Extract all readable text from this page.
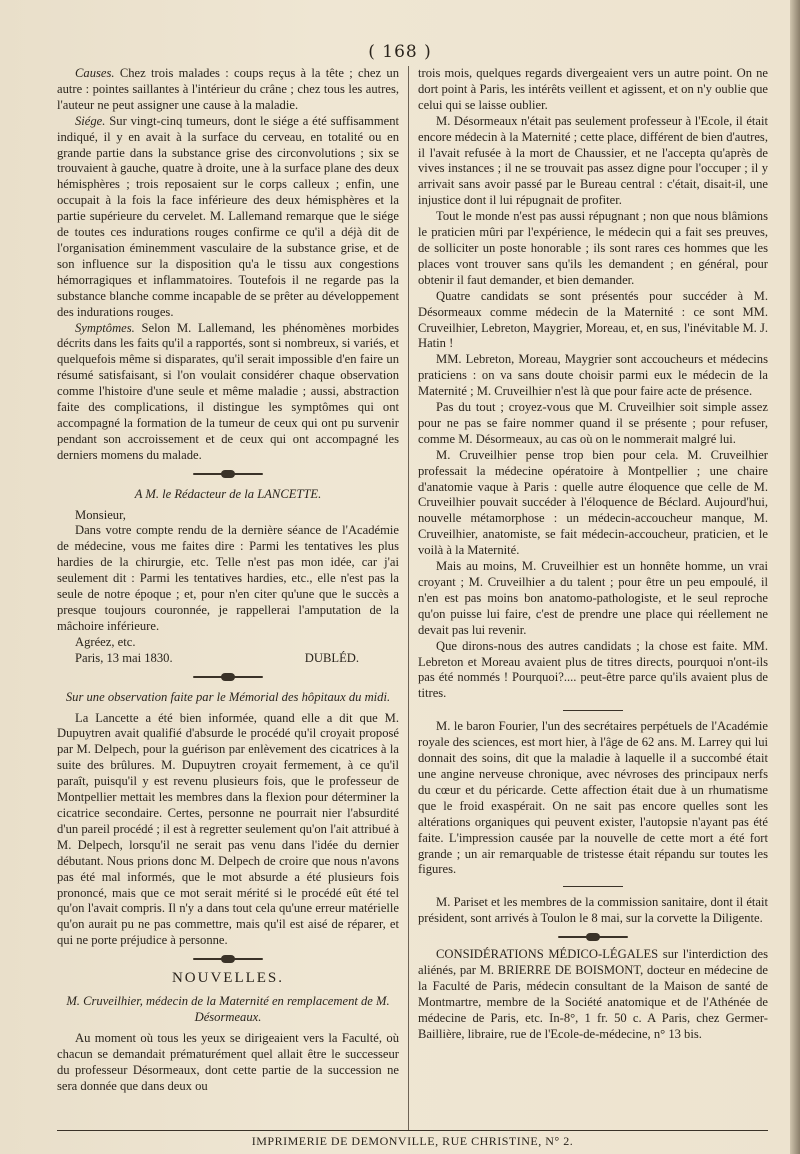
( 168 )

Causes. Chez trois malades : coups reçus à la tête ; chez un autre : pointes saillantes à l'intérieur du crâne ; chez tous les autres, l'auteur ne peut assigner une cause à la maladie.

Siége. Sur vingt-cinq tumeurs, dont le siége a été suffisamment indiqué, il y en avait à la surface du cerveau, en totalité ou en grande partie dans la substance grise des circonvolutions ; six se trouvaient à gauche, quatre à droite, une à la surface plane des deux hémisphères ; trois reposaient sur le corps calleux ; enfin, une occupait à la fois la face inférieure des deux hémisphères et la partie supérieure du cervelet. M. Lallemand remarque que le siége de toutes ces indurations rouges confirme ce qu'il a déjà dit de l'organisation éminemment vasculaire de la substance grise, et de son influence sur la disposition qu'a le tissu aux congestions hémorragiques et inflammatoires. Toutefois il ne regarde pas la substance blanche comme incapable de se prêter au développement des indurations rouges.

Symptômes. Selon M. Lallemand, les phénomènes morbides décrits dans les faits qu'il a rapportés, sont si nombreux, si variés, et quelquefois même si disparates, qu'il serait impossible d'en faire un résumé satisfaisant, si l'on voulait considérer chaque observation comme l'histoire d'une seule et même maladie ; aussi, abstraction faite des complications, il distingue les symptômes qui ont accompagné la formation de la tumeur de ceux qui ont pu survenir pendant son accroissement et de ceux qui ont accompagné les derniers momens du malade.

A M. le Rédacteur de la LANCETTE.

Monsieur,

Dans votre compte rendu de la dernière séance de l'Académie de médecine, vous me faites dire : Parmi les tentatives les plus hardies de la chirurgie, etc. Telle n'est pas mon idée, car j'ai seulement dit : Parmi les tentatives hardies, etc., elle n'est pas la seule de notre époque ; et, pour n'en citer qu'une que le succès a presque toujours couronnée, je rappellerai l'amputation de la mâchoire inférieure.

Agréez, etc.

Paris, 13 mai 1830.	DUBLÉD.

Sur une observation faite par le Mémorial des hôpitaux du midi.

La Lancette a été bien informée, quand elle a dit que M. Dupuytren avait qualifié d'absurde le procédé qu'il croyait proposé par M. Delpech, pour la guérison par enlèvement des cicatrices à la suite des brûlures. M. Dupuytren croyait fermement, à ce qu'il paraît, puisqu'il y est revenu plusieurs fois, que le professeur de Montpellier mettait les membres dans la flexion pour déterminer la cicatrice secondaire. Certes, personne ne pourrait nier l'absurdité d'un pareil procédé ; il est à regretter seulement qu'on l'ait attribué à M. Delpech, lorsqu'il ne serait pas venu dans l'idée du dernier débutant. Nous prions donc M. Delpech de croire que nous n'avons pas été mal informés, que le mot absurde a été plusieurs fois prononcé, mais que ce mot serait mérité si le procédé eût été tel qu'on l'avait compris. Il n'y a dans tout cela qu'une erreur matérielle qu'on aurait pu ne pas commettre, mais qu'il est aisé de réparer, et qui ne porte préjudice à personne.

NOUVELLES.
M. Cruveilhier, médecin de la Maternité en remplacement de M. Désormeaux.

Au moment où tous les yeux se dirigeaient vers la Faculté, où chacun se demandait prématurément quel allait être le successeur du professeur Désormeaux, dont cette partie de la succession ne sera donnée que dans deux ou

trois mois, quelques regards divergeaient vers un autre point. On ne dort point à Paris, les intérêts veillent et agissent, et on n'y oublie que celui qui se laisse oublier.

M. Désormeaux n'était pas seulement professeur à l'Ecole, il était encore médecin à la Maternité ; cette place, différent de bien d'autres, il l'avait refusée à la mort de Chaussier, et ne l'accepta qu'après de vives instances ; il ne se trouvait pas assez digne pour l'occuper ; il y arrivait sans avoir passé par le Bureau central : c'était, disait-il, une injustice dont il lui répugnait de profiter.

Tout le monde n'est pas aussi répugnant ; non que nous blâmions le praticien mûri par l'expérience, le médecin qui a fait ses preuves, de solliciter un poste honorable ; ils sont rares ces hommes que les places vont trouver sans qu'ils les demandent ; en général, pour obtenir il faut demander, et bien demander.

Quatre candidats se sont présentés pour succéder à M. Désormeaux comme médecin de la Maternité : ce sont MM. Cruveilhier, Lebreton, Maygrier, Moreau, et, en sus, l'inévitable M. J. Hatin !

MM. Lebreton, Moreau, Maygrier sont accoucheurs et médecins praticiens : on va sans doute choisir parmi eux le médecin de la Maternité ; M. Cruveilhier n'est là que pour faire acte de présence.

Pas du tout ; croyez-vous que M. Cruveilhier soit simple assez pour ne pas se faire nommer quand il se présente ; pour refuser, comme M. Désormeaux, au cas où on le nommerait malgré lui.

M. Cruveilhier pense trop bien pour cela. M. Cruveilhier professait la médecine opératoire à Montpellier ; une chaire d'anatomie vaque à Paris : quelle autre éloquence que celle de M. Cruveilhier pouvait succéder à l'éloquence de Béclard. Aujourd'hui, nouvelle métamorphose : un médecin-accoucheur manque, M. Cruveilhier, anatomiste, se fait médecin-accoucheur, praticien, et le voilà à la Maternité.

Mais au moins, M. Cruveilhier est un honnête homme, un vrai croyant ; M. Cruveilhier a du talent ; pour être un peu empoulé, il n'en est pas moins bon anatomo-pathologiste, et le seul reproche qu'on puisse lui faire, c'est de prendre une place qui réellement ne devait pas lui revenir.

Que dirons-nous des autres candidats ; la chose est faite. MM. Lebreton et Moreau avaient plus de titres directs, pourquoi n'ont-ils pas été nommés ! Pourquoi?.... peut-être parce qu'ils avaient plus de titres.

M. le baron Fourier, l'un des secrétaires perpétuels de l'Académie royale des sciences, est mort hier, à l'âge de 62 ans. M. Larrey qui lui donnait des soins, dit que la maladie à laquelle il a succombé était une angine nerveuse chronique, avec névroses des principaux nerfs du cœur et du péricarde. Cette affection était due à un rhumatisme que le froid exaspérait. On ne sait pas encore quelles sont les altérations organiques qui peuvent exister, l'autopsie n'ayant pas été faite. L'impression causée par la nouvelle de cette mort a été fort grande ; un air remarquable de tristesse était répandu sur toutes les figures.

M. Pariset et les membres de la commission sanitaire, dont il était président, sont arrivés à Toulon le 8 mai, sur la corvette la Diligente.

CONSIDÉRATIONS MÉDICO-LÉGALES sur l'interdiction des aliénés, par M. BRIERRE DE BOISMONT, docteur en médecine de la Faculté de Paris, médecin consultant de la Maison de santé de Montmartre, membre de la Société anatomique et de l'Athénée de médecine de Paris, etc. In-8°, 1 fr. 50 c. A Paris, chez Germer-Baillière, libraire, rue de l'Ecole-de-médecine, n° 13 bis.

IMPRIMERIE DE DEMONVILLE, RUE CHRISTINE, N° 2.
